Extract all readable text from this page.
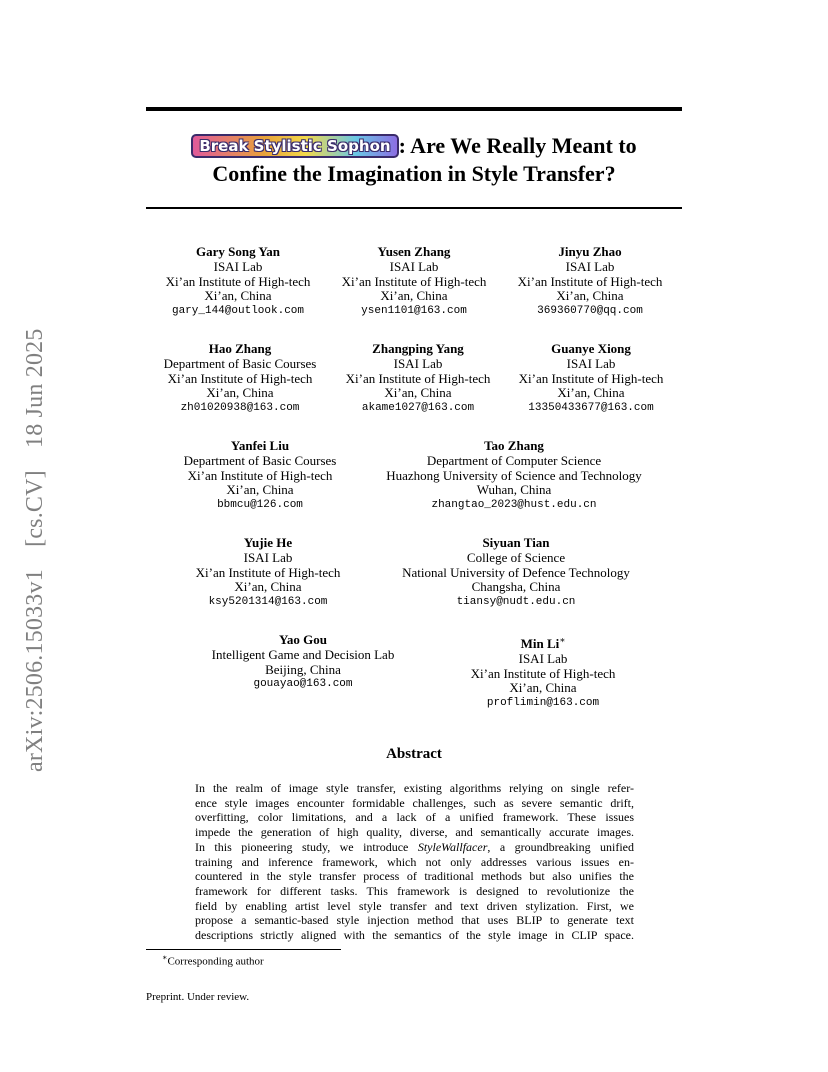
arXiv:2506.15033v1 [cs.CV] 18 Jun 2025
Break Stylistic Sophon : Are We Really Meant to
Confine the Imagination in Style Transfer?
Gary Song Yan
ISAI Lab
Xi’an Institute of High-tech
Xi’an, China
gary_144@outlook.com
Yusen Zhang
ISAI Lab
Xi’an Institute of High-tech
Xi’an, China
ysen1101@163.com
Jinyu Zhao
ISAI Lab
Xi’an Institute of High-tech
Xi’an, China
369360770@qq.com
Hao Zhang
Department of Basic Courses
Xi’an Institute of High-tech
Xi’an, China
zh01020938@163.com
Zhangping Yang
ISAI Lab
Xi’an Institute of High-tech
Xi’an, China
akame1027@163.com
Guanye Xiong
ISAI Lab
Xi’an Institute of High-tech
Xi’an, China
13350433677@163.com
Yanfei Liu
Department of Basic Courses
Xi’an Institute of High-tech
Xi’an, China
bbmcu@126.com
Tao Zhang
Department of Computer Science
Huazhong University of Science and Technology
Wuhan, China
zhangtao_2023@hust.edu.cn
Yujie He
ISAI Lab
Xi’an Institute of High-tech
Xi’an, China
ksy5201314@163.com
Siyuan Tian
College of Science
National University of Defence Technology
Changsha, China
tiansy@nudt.edu.cn
Yao Gou
Intelligent Game and Decision Lab
Beijing, China
gouayao@163.com
Min Li∗
ISAI Lab
Xi’an Institute of High-tech
Xi’an, China
proflimin@163.com
Abstract
In the realm of image style transfer, existing algorithms relying on single refer-
ence style images encounter formidable challenges, such as severe semantic drift,
overfitting, color limitations, and a lack of a unified framework. These issues
impede the generation of high quality, diverse, and semantically accurate images.
In this pioneering study, we introduce StyleWallfacer, a groundbreaking unified
training and inference framework, which not only addresses various issues en-
countered in the style transfer process of traditional methods but also unifies the
framework for different tasks. This framework is designed to revolutionize the
field by enabling artist level style transfer and text driven stylization. First, we
propose a semantic-based style injection method that uses BLIP to generate text
descriptions strictly aligned with the semantics of the style image in CLIP space.
∗Corresponding author
Preprint. Under review.
